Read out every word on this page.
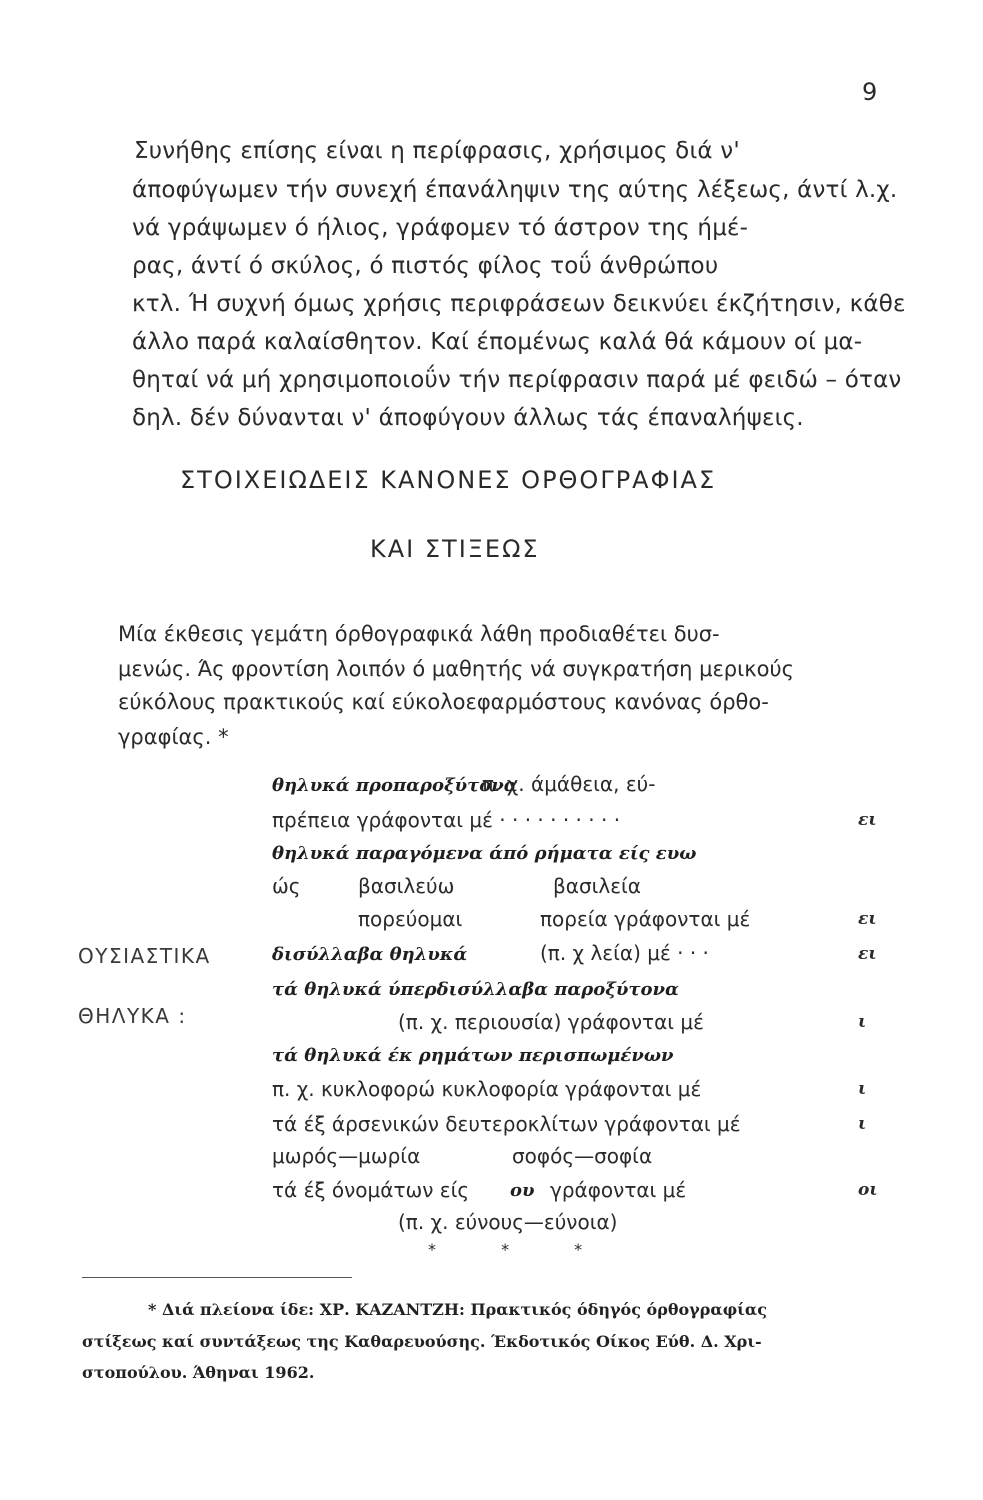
9
Συνήθης επίσης είναι η περίφρασις, χρήσιμος διά ν'
άποφύγωμεν τήν συνεχή έπανάληψιν της αύτης λέξεως, άντί λ.χ.
νά γράψωμεν ό ήλιος, γράφομεν τό άστρον της ήμέ-
ρας, άντί ό σκύλος, ό πιστός φίλος τοΰ άνθρώπου
κτλ. Ή συχνή όμως χρήσις περιφράσεων δεικνύει έκζήτησιν, κάθε
άλλο παρά καλαίσθητον. Καί έπομένως καλά θά κάμουν οί μα-
θηταί νά μή χρησιμοποιοΰν τήν περίφρασιν παρά μέ φειδώ – όταν
δηλ. δέν δύνανται ν' άποφύγουν άλλως τάς έπαναλήψεις.
ΣΤΟΙΧΕΙΩΔΕΙΣ ΚΑΝΟΝΕΣ ΟΡΘΟΓΡΑΦΙΑΣ
ΚΑΙ ΣΤΙΞΕΩΣ
Μία έκθεσις γεμάτη όρθογραφικά λάθη προδιαθέτει δυσ-
μενώς. Άς φροντίση λοιπόν ό μαθητής νά συγκρατήση μερικούς
εύκόλους πρακτικούς καί εύκολοεφαρμόστους κανόνας όρθο-
γραφίας. *
ΟΥΣΙΑΣΤΙΚΑ
ΘΗΛΥΚΑ :
θηλυκά προπαροξύτονα
π. χ. άμάθεια, εύ-
πρέπεια γράφονται μέ · · · · · · · · · ·	ει
θηλυκά παραγόμενα άπό ρήματα είς ευω
ώς	βασιλεύω	βασιλεία
πορεύομαι	πορεία γράφονται μέ	ει
δισύλλαβα θηλυκά	(π. χ λεία) μέ · · ·	ει
τά θηλυκά ύπερδισύλλαβα παροξύτονα
(π. χ. περιουσία) γράφονται μέ	ι
τά θηλυκά έκ ρημάτων περισπωμένων
π. χ. κυκλοφορώ κυκλοφορία γράφονται μέ	ι
τά έξ άρσενικών δευτεροκλίτων γράφονται μέ	ι
μωρός—μωρία	σοφός—σοφία
τά έξ όνομάτων είς ου γράφονται μέ	οι
(π. χ. εύνους—εύνοια)
* * *
* Διά πλείονα ίδε: ΧΡ. ΚΑΖΑΝΤΖΗ: Πρακτικός όδηγός όρθογραφίας
στίξεως καί συντάξεως της Καθαρευούσης. Έκδοτικός Οίκος Εύθ. Δ. Χρι-
στοπούλου. Άθηναι 1962.
